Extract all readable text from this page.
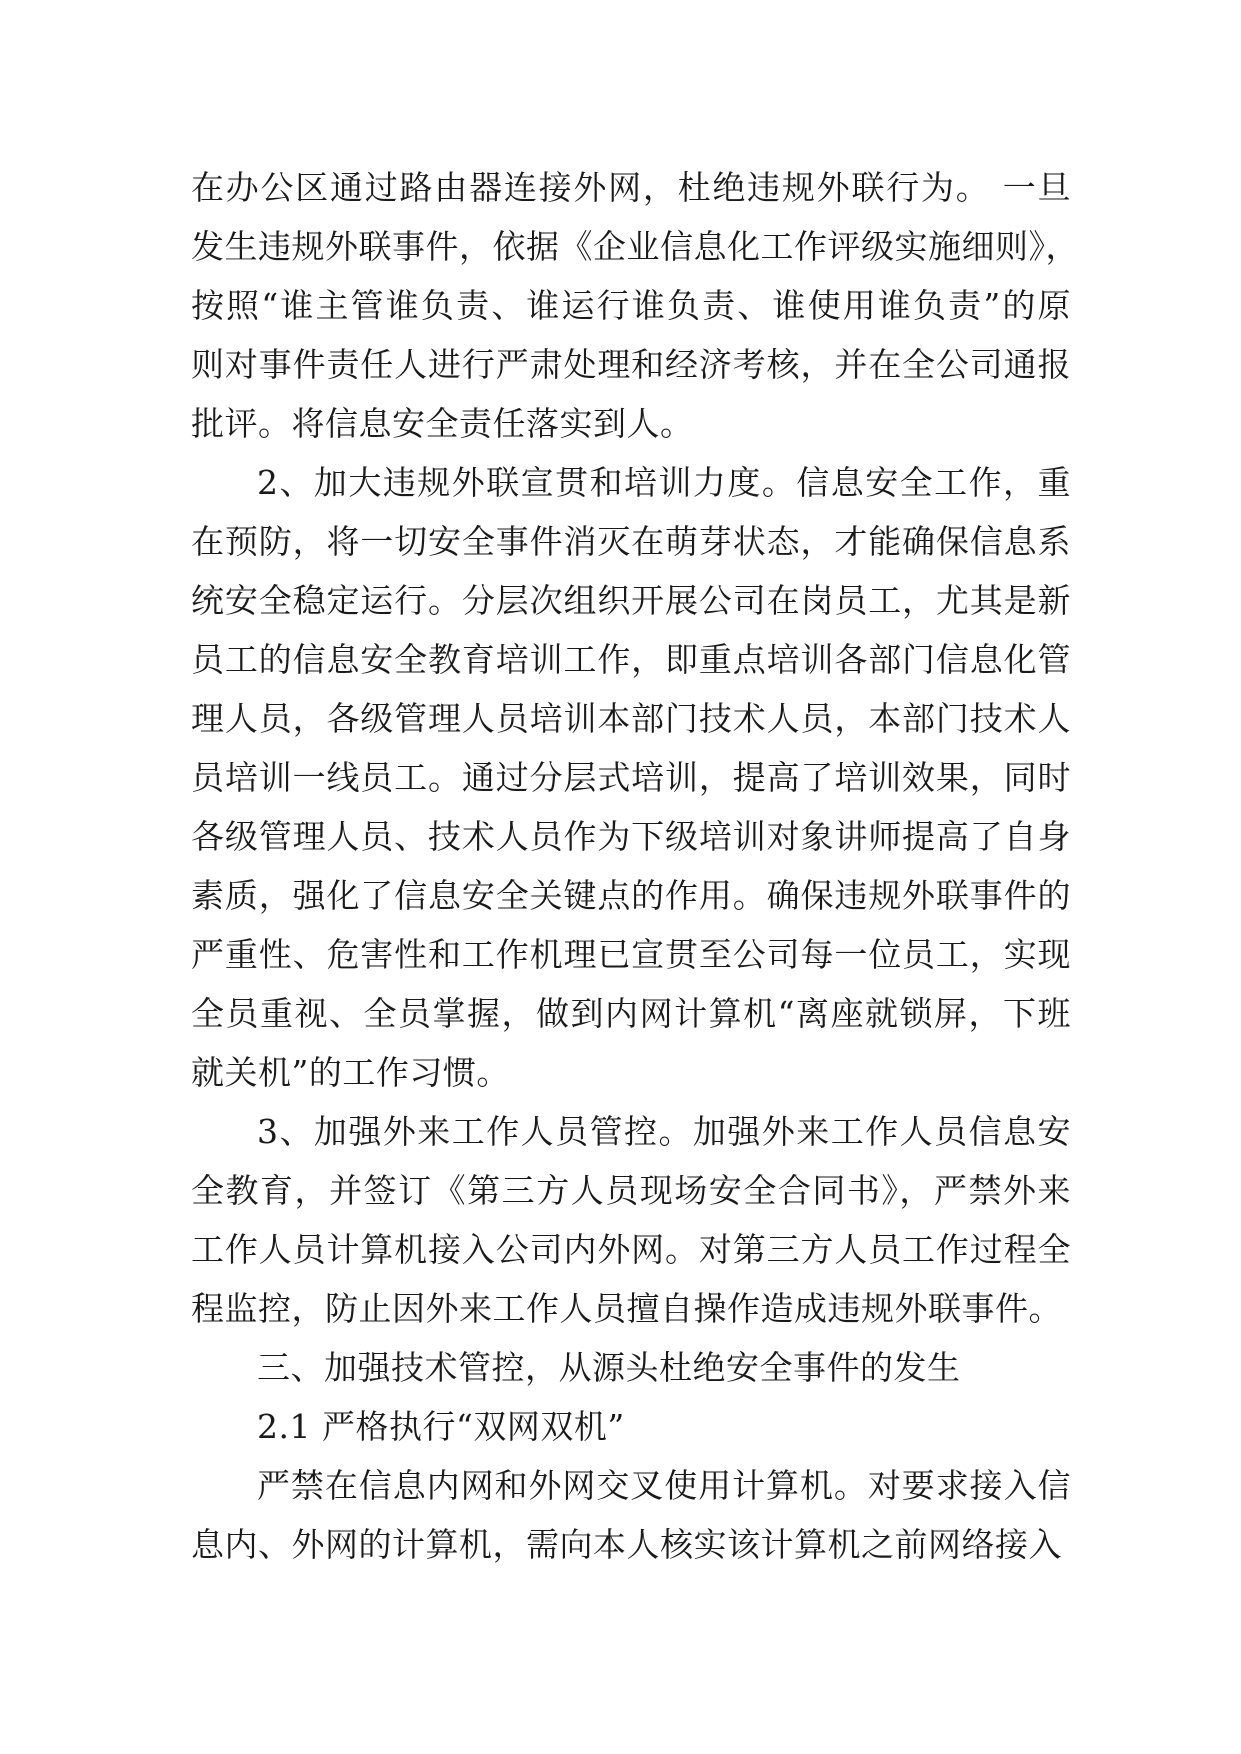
在办公区通过路由器连接外网，杜绝违规外联行为。 一旦
发生违规外联事件，依据《企业信息化工作评级实施细则》，
按照“谁主管谁负责、谁运行谁负责、谁使用谁负责”的原
则对事件责任人进行严肃处理和经济考核，并在全公司通报
批评。将信息安全责任落实到人。
2、加大违规外联宣贯和培训力度。信息安全工作，重
在预防，将一切安全事件消灭在萌芽状态，才能确保信息系
统安全稳定运行。分层次组织开展公司在岗员工，尤其是新
员工的信息安全教育培训工作，即重点培训各部门信息化管
理人员，各级管理人员培训本部门技术人员，本部门技术人
员培训一线员工。通过分层式培训，提高了培训效果，同时
各级管理人员、技术人员作为下级培训对象讲师提高了自身
素质，强化了信息安全关键点的作用。确保违规外联事件的
严重性、危害性和工作机理已宣贯至公司每一位员工，实现
全员重视、全员掌握，做到内网计算机“离座就锁屏，下班
就关机”的工作习惯。
3、加强外来工作人员管控。加强外来工作人员信息安
全教育，并签订《第三方人员现场安全合同书》，严禁外来
工作人员计算机接入公司内外网。对第三方人员工作过程全
程监控，防止因外来工作人员擅自操作造成违规外联事件。
三、加强技术管控，从源头杜绝安全事件的发生
2.1 严格执行“双网双机”
严禁在信息内网和外网交叉使用计算机。对要求接入信
息内、外网的计算机，需向本人核实该计算机之前网络接入
